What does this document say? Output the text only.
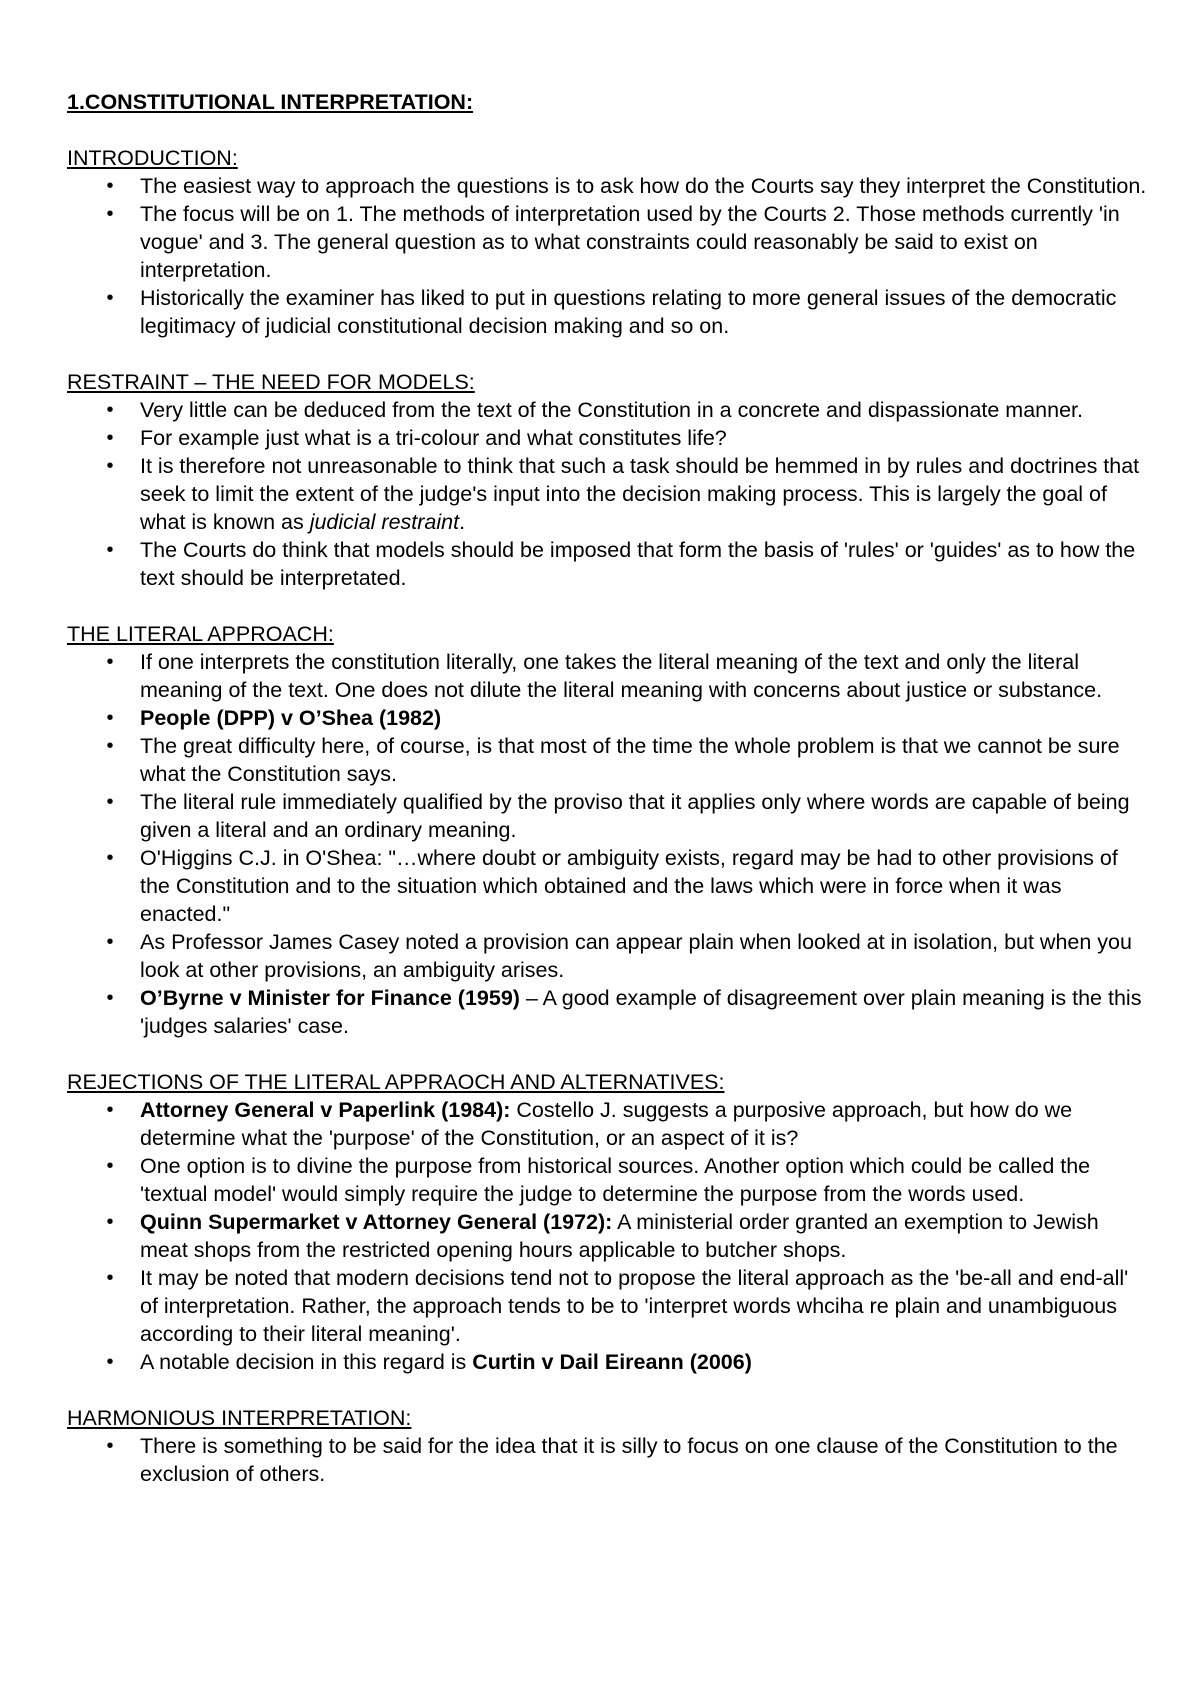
1.CONSTITUTIONAL INTERPRETATION:
INTRODUCTION:
•	The easiest way to approach the questions is to ask how do the Courts say they interpret the Constitution.
•	The focus will be on 1. The methods of interpretation used by the Courts 2. Those methods currently 'in vogue' and 3. The general question as to what constraints could reasonably be said to exist on interpretation.
•	Historically the examiner has liked to put in questions relating to more general issues of the democratic legitimacy of judicial constitutional decision making and so on.
RESTRAINT – THE NEED FOR MODELS:
•	Very little can be deduced from the text of the Constitution in a concrete and dispassionate manner.
•	For example just what is a tri-colour and what constitutes life?
•	It is therefore not unreasonable to think that such a task should be hemmed in by rules and doctrines that seek to limit the extent of the judge's input into the decision making process. This is largely the goal of what is known as judicial restraint.
•	The Courts do think that models should be imposed that form the basis of 'rules' or 'guides' as to how the text should be interpretated.
THE LITERAL APPROACH:
•	If one interprets the constitution literally, one takes the literal meaning of the text and only the literal meaning of the text. One does not dilute the literal meaning with concerns about justice or substance.
•	People (DPP) v O’Shea (1982)
•	The great difficulty here, of course, is that most of the time the whole problem is that we cannot be sure what the Constitution says.
•	The literal rule immediately qualified by the proviso that it applies only where words are capable of being given a literal and an ordinary meaning.
•	O'Higgins C.J. in O'Shea: "…where doubt or ambiguity exists, regard may be had to other provisions of the Constitution and to the situation which obtained and the laws which were in force when it was enacted."
•	As Professor James Casey noted a provision can appear plain when looked at in isolation, but when you look at other provisions, an ambiguity arises.
•	O’Byrne v Minister for Finance (1959) – A good example of disagreement over plain meaning is the this 'judges salaries' case.
REJECTIONS OF THE LITERAL APPRAOCH AND ALTERNATIVES:
•	Attorney General v Paperlink (1984): Costello J. suggests a purposive approach, but how do we determine what the 'purpose' of the Constitution, or an aspect of it is?
•	One option is to divine the purpose from historical sources. Another option which could be called the 'textual model' would simply require the judge to determine the purpose from the words used.
•	Quinn Supermarket v Attorney General (1972): A ministerial order granted an exemption to Jewish meat shops from the restricted opening hours applicable to butcher shops.
•	It may be noted that modern decisions tend not to propose the literal approach as the 'be-all and end-all' of interpretation. Rather, the approach tends to be to 'interpret words whciha re plain and unambiguous according to their literal meaning'.
•	A notable decision in this regard is Curtin v Dail Eireann (2006)
HARMONIOUS INTERPRETATION:
•	There is something to be said for the idea that it is silly to focus on one clause of the Constitution to the exclusion of others.
